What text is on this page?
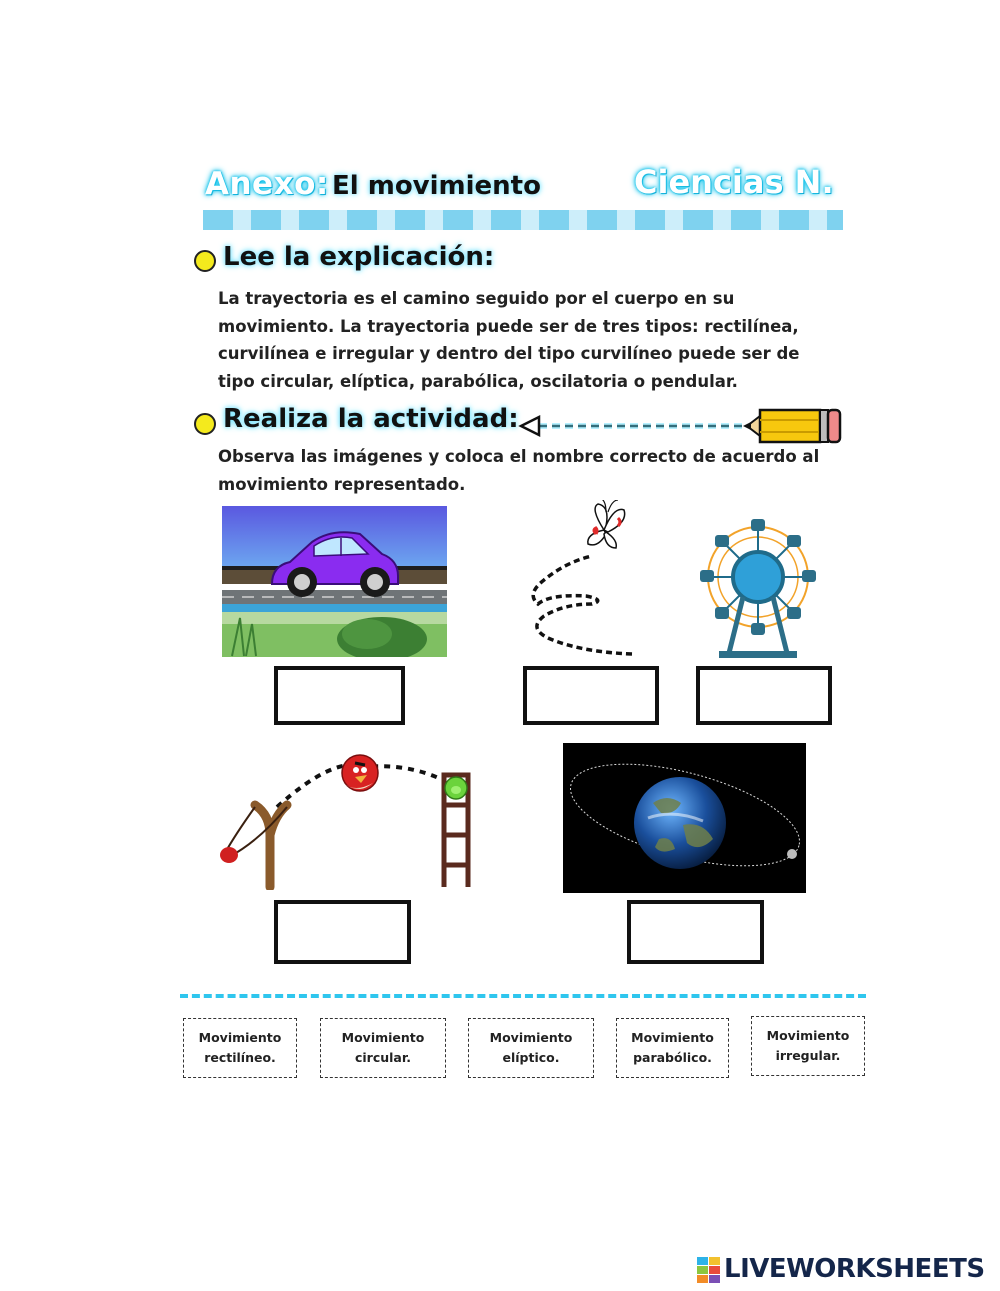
Anexo: El movimiento	Ciencias N.
Lee la explicación:
La trayectoria es el camino seguido por el cuerpo en su
movimiento. La trayectoria puede ser de tres tipos: rectilínea,
curvilínea e irregular y dentro del tipo curvilíneo puede ser de
tipo circular, elíptica, parabólica, oscilatoria o pendular.
Realiza la actividad:
Observa las imágenes y coloca el nombre correcto de acuerdo al
movimiento representado.
Movimiento
rectilíneo.
Movimiento
circular.
Movimiento
elíptico.
Movimiento
parabólico.
Movimiento
irregular.
LIVEWORKSHEETS
